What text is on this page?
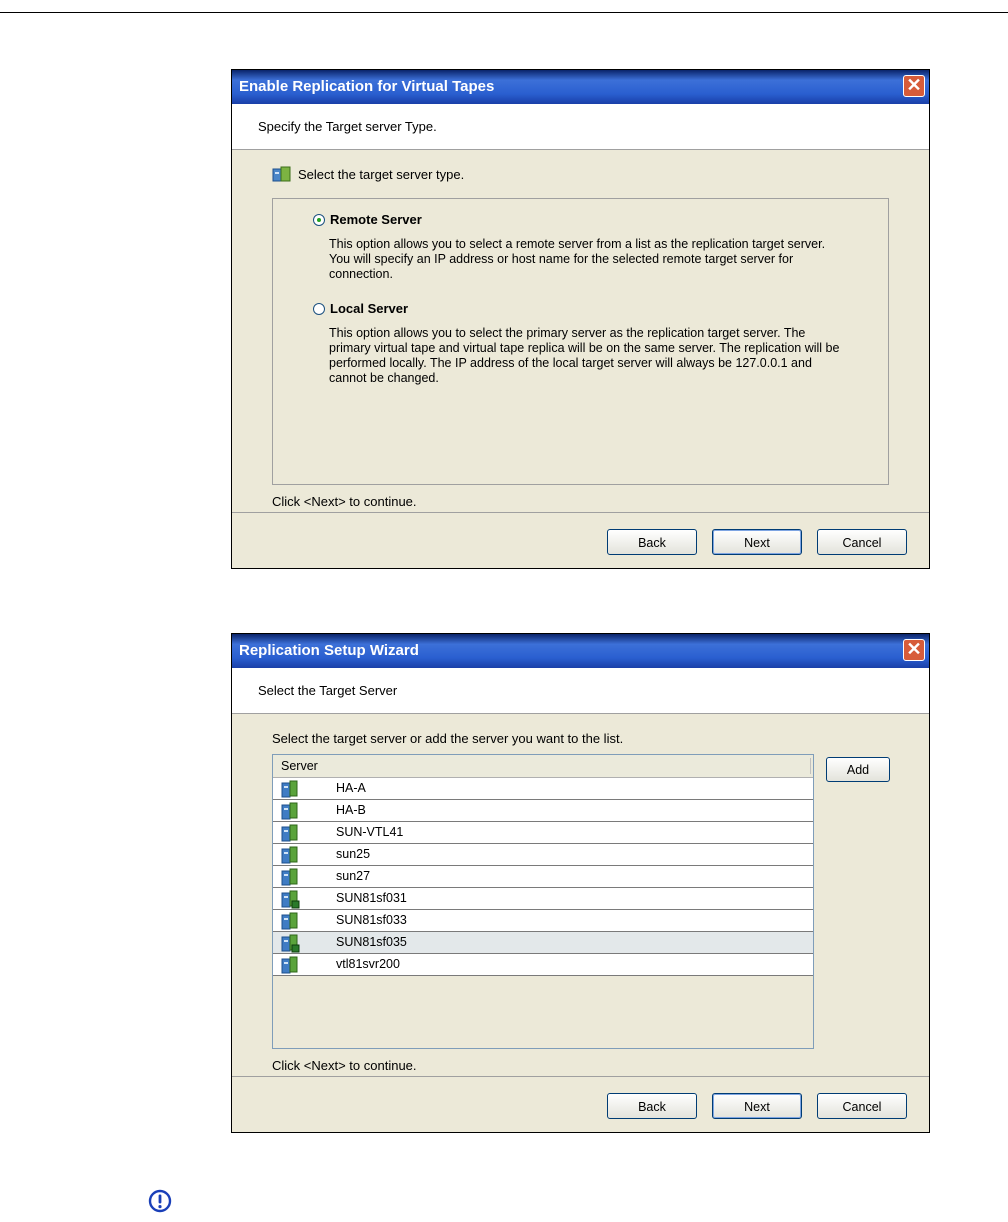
Enable Replication for Virtual Tapes	✕
Specify the Target server Type.
Select the target server type.
Remote Server
This option allows you to select a remote server from a list as the replication target server. You will specify an IP address or host name for the selected remote target server for connection.
Local Server
This option allows you to select the primary server as the replication target server. The primary virtual tape and virtual tape replica will be on the same server. The replication will be performed locally. The IP address of the local target server will always be 127.0.0.1 and cannot be changed.
Click <Next> to continue.
Back	Next	Cancel
Replication Setup Wizard	✕
Select the Target Server
Select the target server or add the server you want to the list.
Server
HA-A
HA-B
SUN-VTL41
sun25
sun27
SUN81sf031
SUN81sf033
SUN81sf035
vtl81svr200
Add
Click <Next> to continue.
Back	Next	Cancel
